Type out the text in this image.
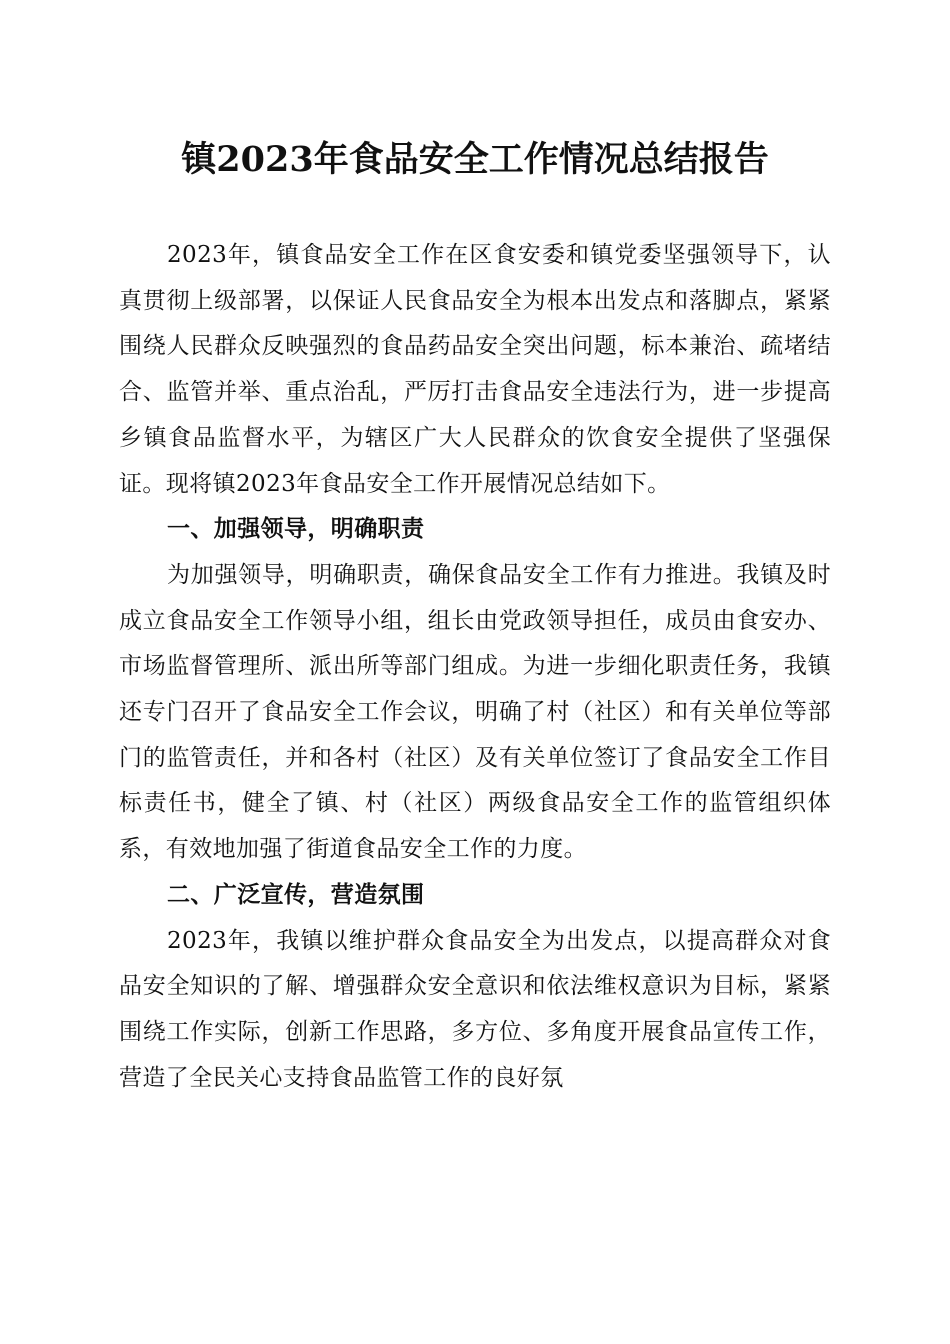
镇2023年食品安全工作情况总结报告

2023年，镇食品安全工作在区食安委和镇党委坚强领导下，认真贯彻上级部署，以保证人民食品安全为根本出发点和落脚点，紧紧围绕人民群众反映强烈的食品药品安全突出问题，标本兼治、疏堵结合、监管并举、重点治乱，严厉打击食品安全违法行为，进一步提高乡镇食品监督水平，为辖区广大人民群众的饮食安全提供了坚强保证。现将镇2023年食品安全工作开展情况总结如下。

一、加强领导，明确职责

为加强领导，明确职责，确保食品安全工作有力推进。我镇及时成立食品安全工作领导小组，组长由党政领导担任，成员由食安办、市场监督管理所、派出所等部门组成。为进一步细化职责任务，我镇还专门召开了食品安全工作会议，明确了村（社区）和有关单位等部门的监管责任，并和各村（社区）及有关单位签订了食品安全工作目标责任书，健全了镇、村（社区）两级食品安全工作的监管组织体系，有效地加强了街道食品安全工作的力度。

二、广泛宣传，营造氛围

2023年，我镇以维护群众食品安全为出发点，以提高群众对食品安全知识的了解、增强群众安全意识和依法维权意识为目标，紧紧围绕工作实际，创新工作思路，多方位、多角度开展食品宣传工作，营造了全民关心支持食品监管工作的良好氛
